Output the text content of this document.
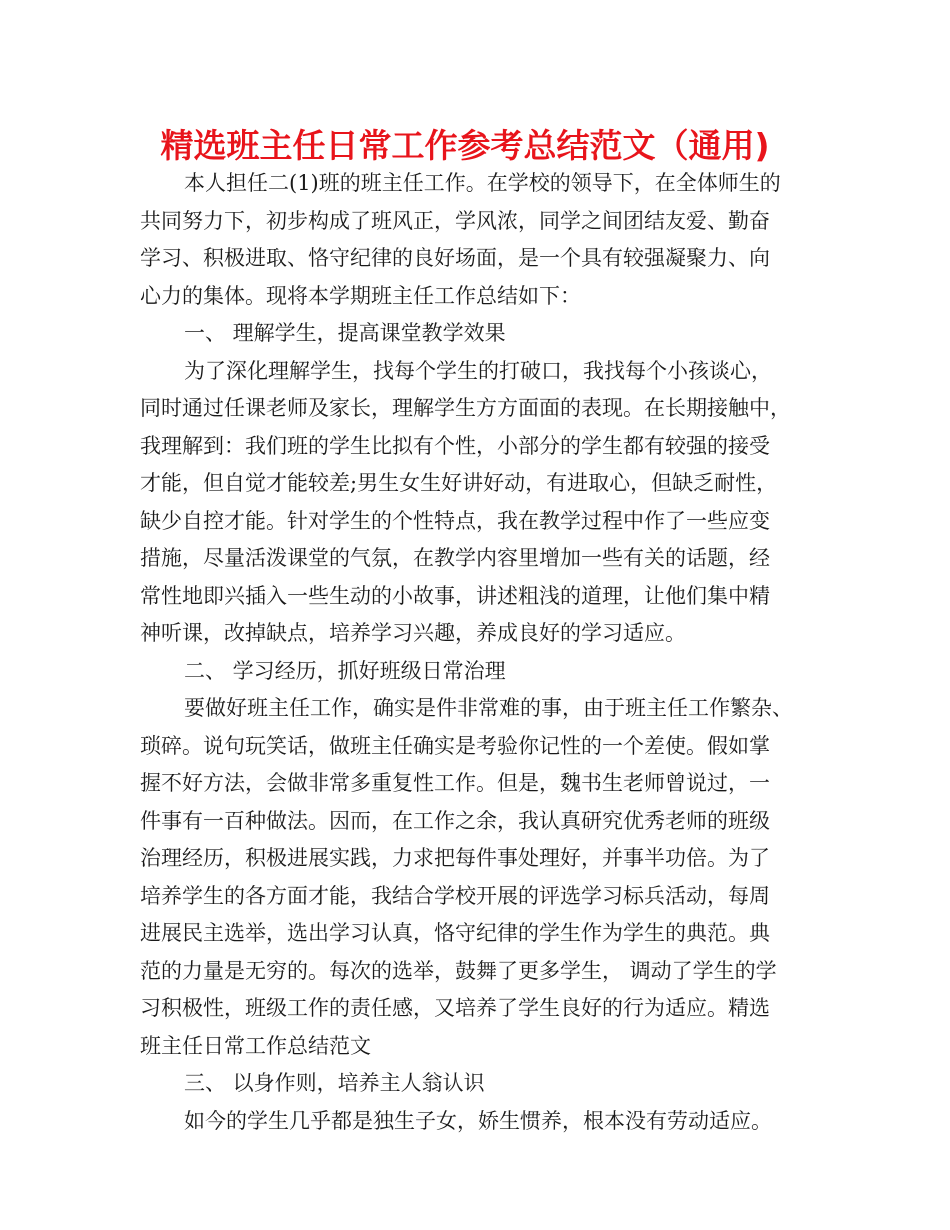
精选班主任日常工作参考总结范文（通用)
本人担任二(1)班的班主任工作。在学校的领导下，在全体师生的
共同努力下，初步构成了班风正，学风浓，同学之间团结友爱、勤奋
学习、积极进取、恪守纪律的良好场面，是一个具有较强凝聚力、向
心力的集体。现将本学期班主任工作总结如下：
一、 理解学生，提高课堂教学效果
为了深化理解学生，找每个学生的打破口，我找每个小孩谈心，
同时通过任课老师及家长，理解学生方方面面的表现。在长期接触中，
我理解到：我们班的学生比拟有个性，小部分的学生都有较强的接受
才能，但自觉才能较差;男生女生好讲好动，有进取心，但缺乏耐性，
缺少自控才能。针对学生的个性特点，我在教学过程中作了一些应变
措施，尽量活泼课堂的气氛，在教学内容里增加一些有关的话题，经
常性地即兴插入一些生动的小故事，讲述粗浅的道理，让他们集中精
神听课，改掉缺点，培养学习兴趣，养成良好的学习适应。
二、 学习经历，抓好班级日常治理
要做好班主任工作，确实是件非常难的事，由于班主任工作繁杂、
琐碎。说句玩笑话，做班主任确实是考验你记性的一个差使。假如掌
握不好方法，会做非常多重复性工作。但是，魏书生老师曾说过，一
件事有一百种做法。因而，在工作之余，我认真研究优秀老师的班级
治理经历，积极进展实践，力求把每件事处理好，并事半功倍。为了
培养学生的各方面才能，我结合学校开展的评选学习标兵活动，每周
进展民主选举，选出学习认真，恪守纪律的学生作为学生的典范。典
范的力量是无穷的。每次的选举，鼓舞了更多学生， 调动了学生的学
习积极性，班级工作的责任感，又培养了学生良好的行为适应。精选
班主任日常工作总结范文
三、 以身作则，培养主人翁认识
如今的学生几乎都是独生子女，娇生惯养，根本没有劳动适应。
